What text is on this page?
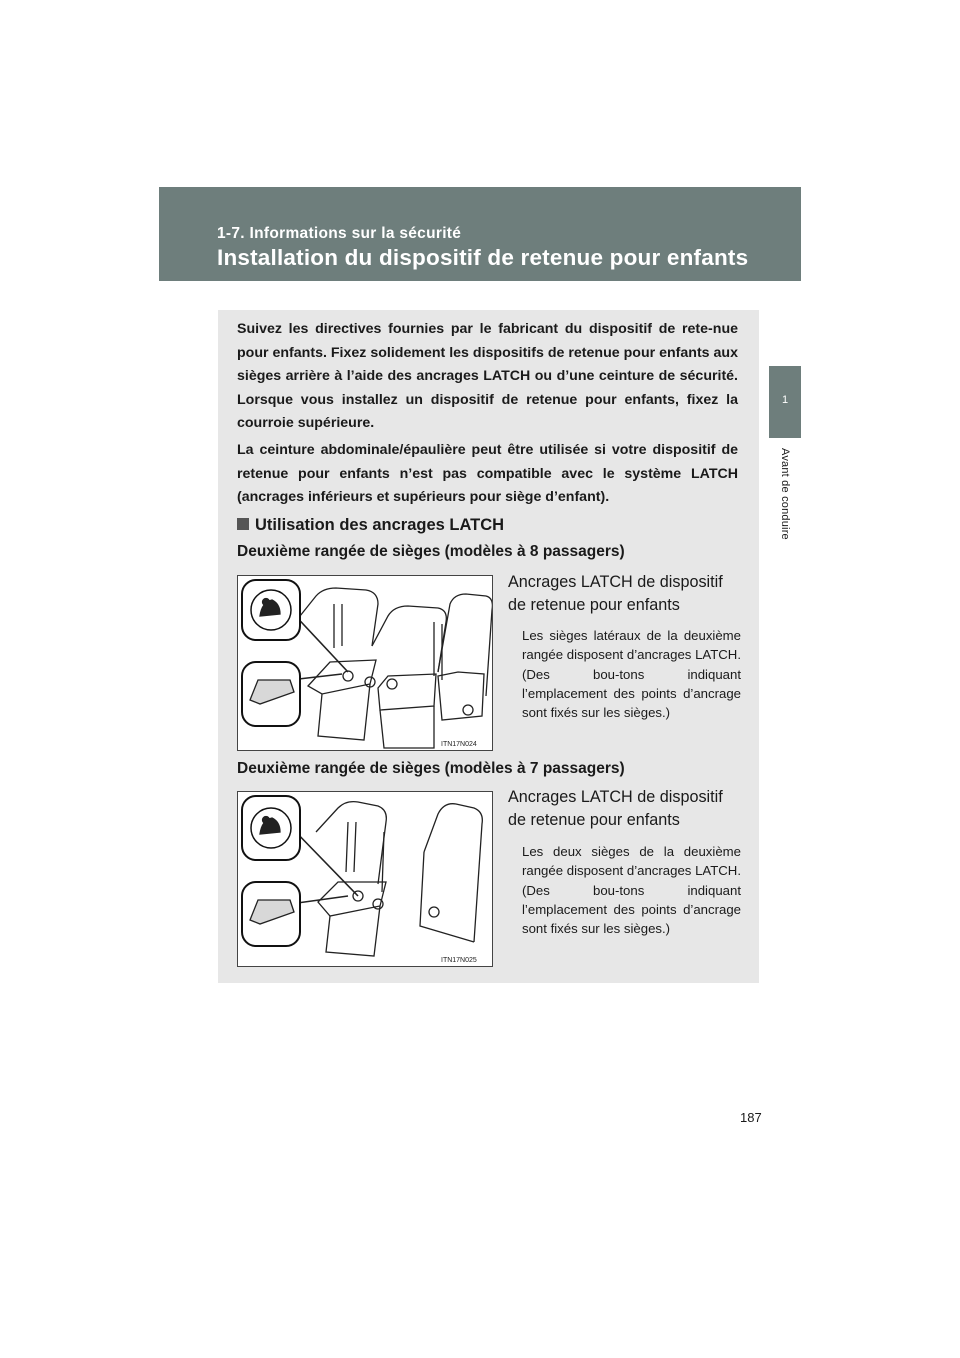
1-7. Informations sur la sécurité
Installation du dispositif de retenue pour enfants
1
Avant de conduire

Suivez les directives fournies par le fabricant du dispositif de rete-nue pour enfants. Fixez solidement les dispositifs de retenue pour enfants aux sièges arrière à l’aide des ancrages LATCH ou d’une ceinture de sécurité. Lorsque vous installez un dispositif de retenue pour enfants, fixez la courroie supérieure.

La ceinture abdominale/épaulière peut être utilisée si votre dispositif de retenue pour enfants n’est pas compatible avec le système LATCH (ancrages inférieurs et supérieurs pour siège d’enfant).

Utilisation des ancrages LATCH
Deuxième rangée de sièges (modèles à 8 passagers)
ITN17N024
Ancrages LATCH de dispositif de retenue pour enfants

Les sièges latéraux de la deuxième rangée disposent d’ancrages LATCH. (Des bou-tons indiquant l’emplacement des points d’ancrage sont fixés sur les sièges.)

Deuxième rangée de sièges (modèles à 7 passagers)
ITN17N025
Ancrages LATCH de dispositif de retenue pour enfants

Les deux sièges de la deuxième rangée disposent d’ancrages LATCH. (Des bou-tons indiquant l’emplacement des points d’ancrage sont fixés sur les sièges.)

187
